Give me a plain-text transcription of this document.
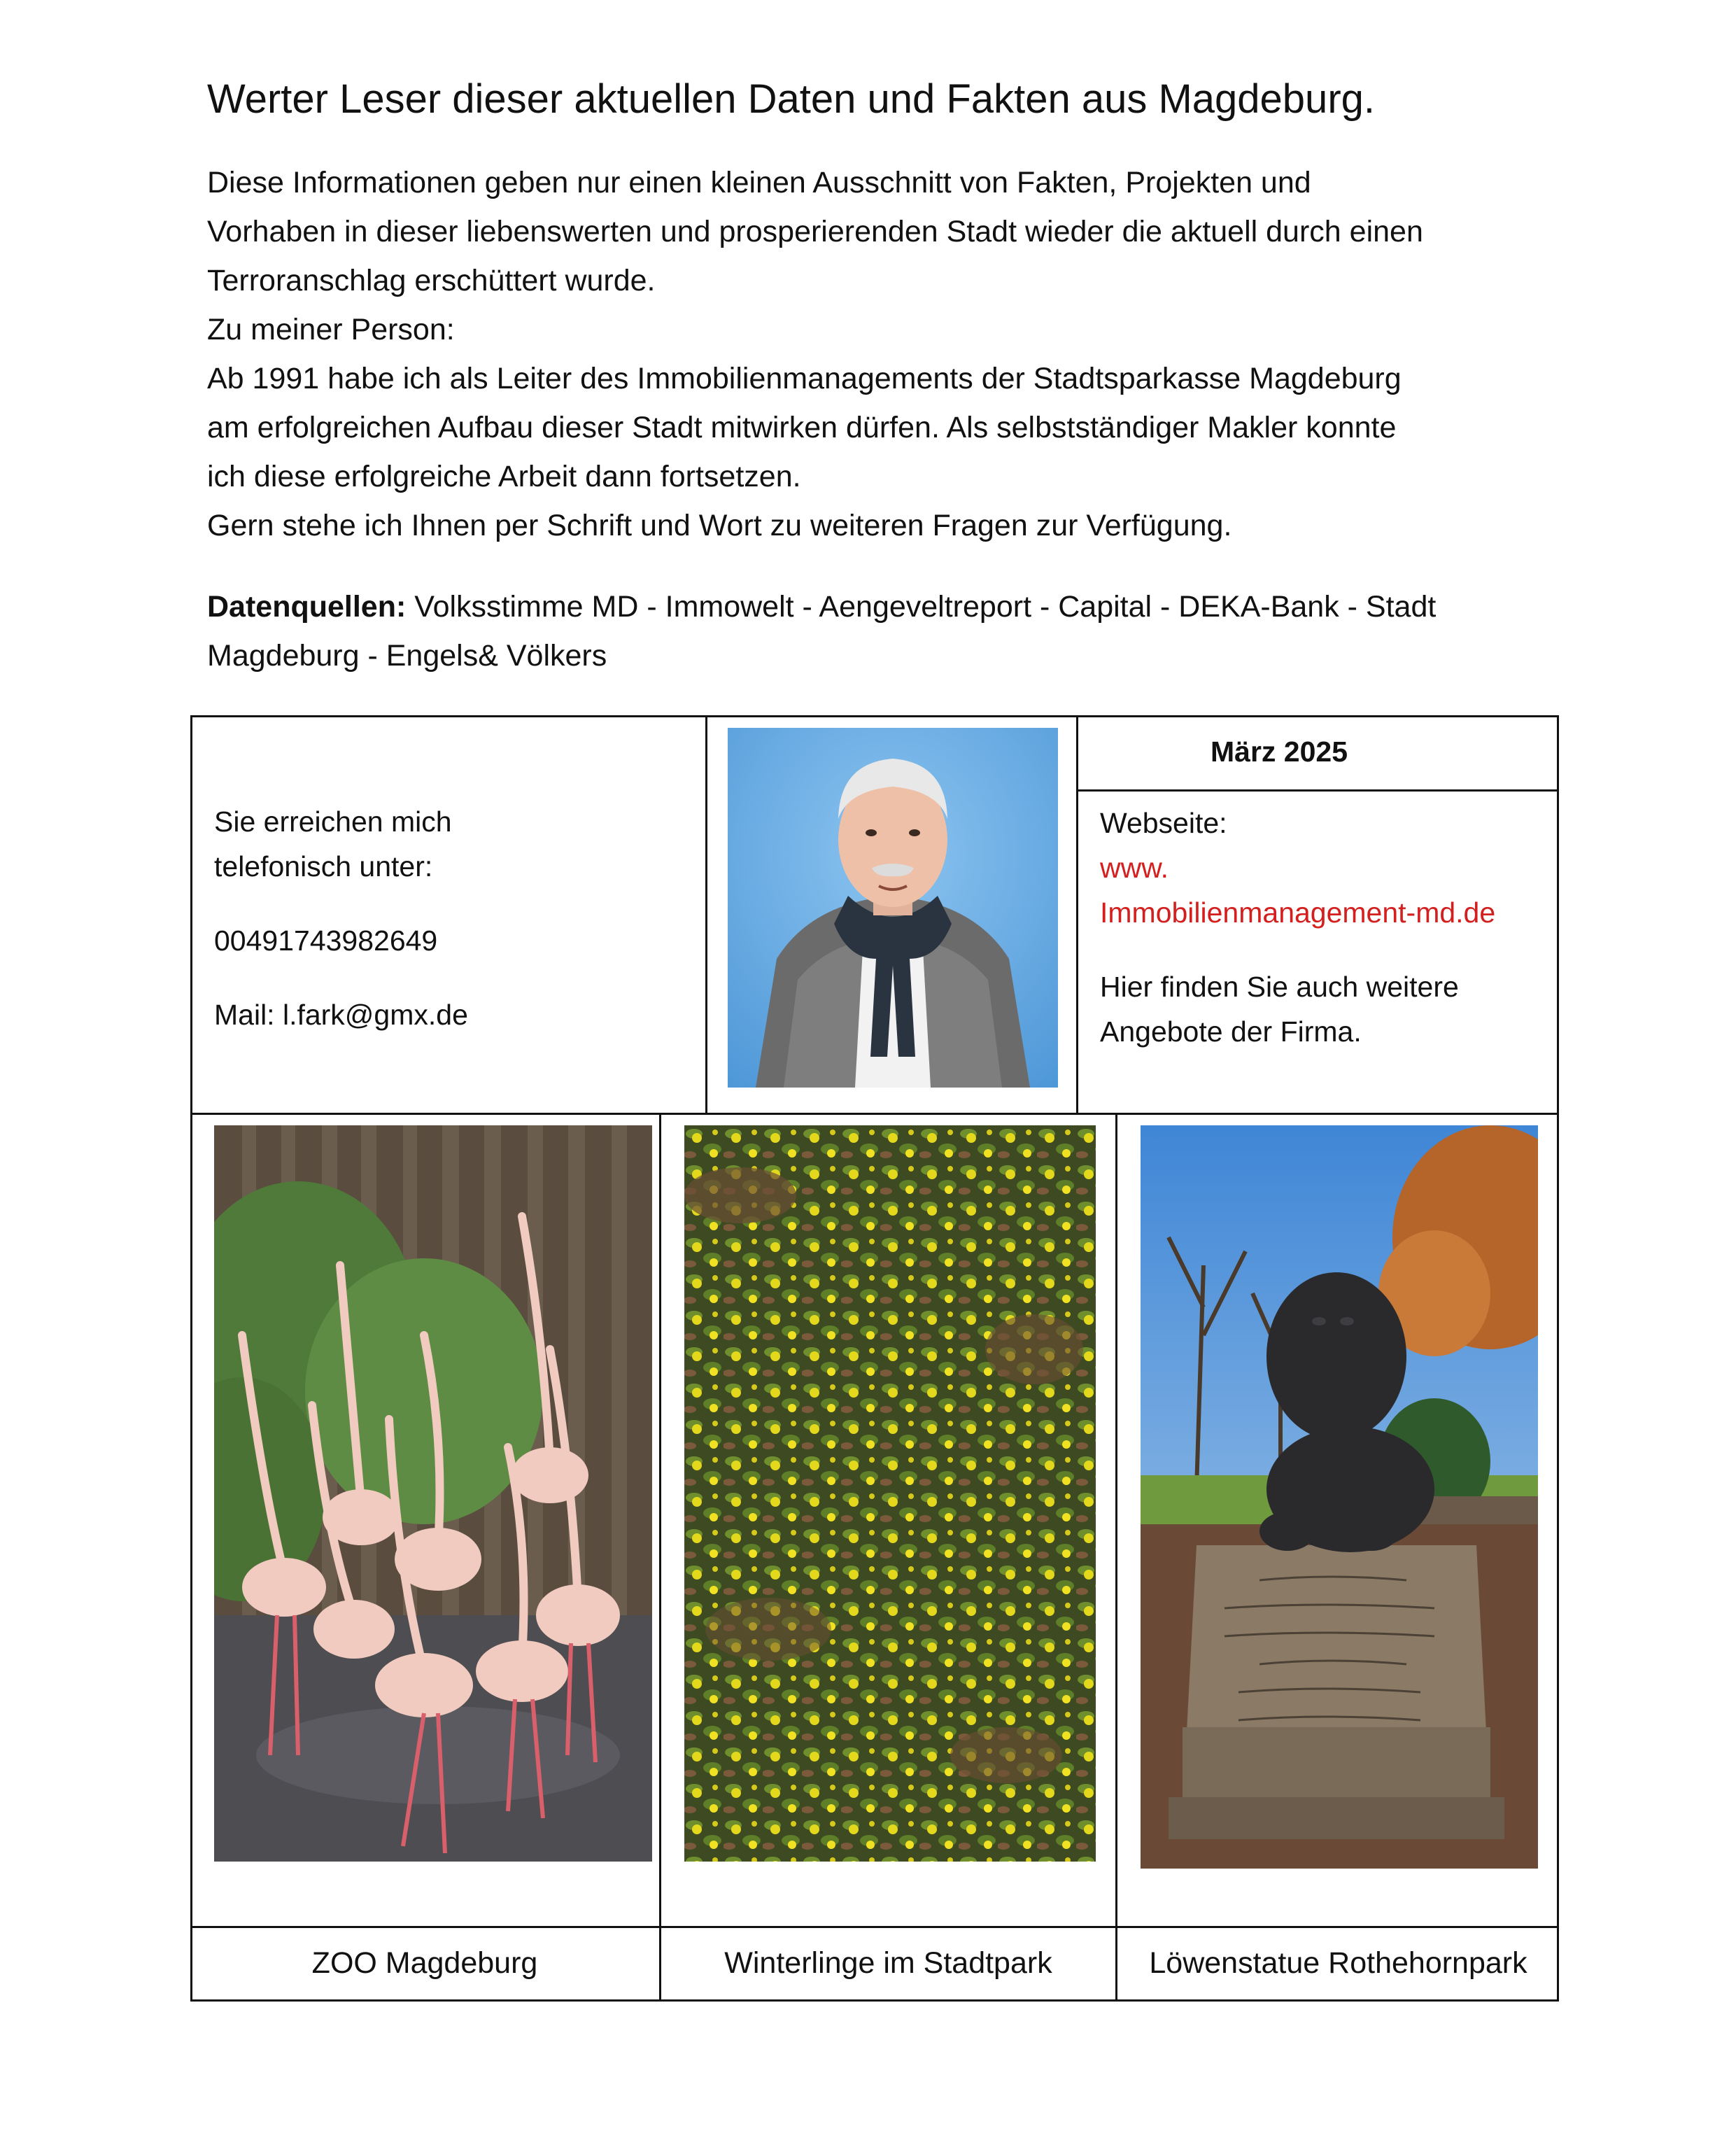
Werter Leser dieser aktuellen Daten und Fakten aus Magdeburg.
Diese Informationen geben nur einen kleinen Ausschnitt von Fakten, Projekten und
Vorhaben in dieser liebenswerten und prosperierenden Stadt wieder die aktuell durch einen
Terroranschlag erschüttert wurde.
Zu meiner Person:
Ab 1991 habe ich als Leiter des Immobilienmanagements der Stadtsparkasse Magdeburg
am erfolgreichen Aufbau dieser Stadt mitwirken dürfen. Als selbstständiger Makler konnte
ich diese erfolgreiche Arbeit dann fortsetzen.
Gern stehe ich Ihnen per Schrift und Wort zu weiteren Fragen zur Verfügung.
Datenquellen: Volksstimme MD - Immowelt - Aengeveltreport - Capital - DEKA-Bank - Stadt
Magdeburg - Engels& Völkers
Sie erreichen mich
telefonisch unter:
00491743982649
Mail: l.fark@gmx.de
März 2025
Webseite:
www.
Immobilienmanagement-md.de
Hier finden Sie auch weitere
Angebote der Firma.
ZOO Magdeburg	Winterlinge im Stadtpark	Löwenstatue Rothehornpark
